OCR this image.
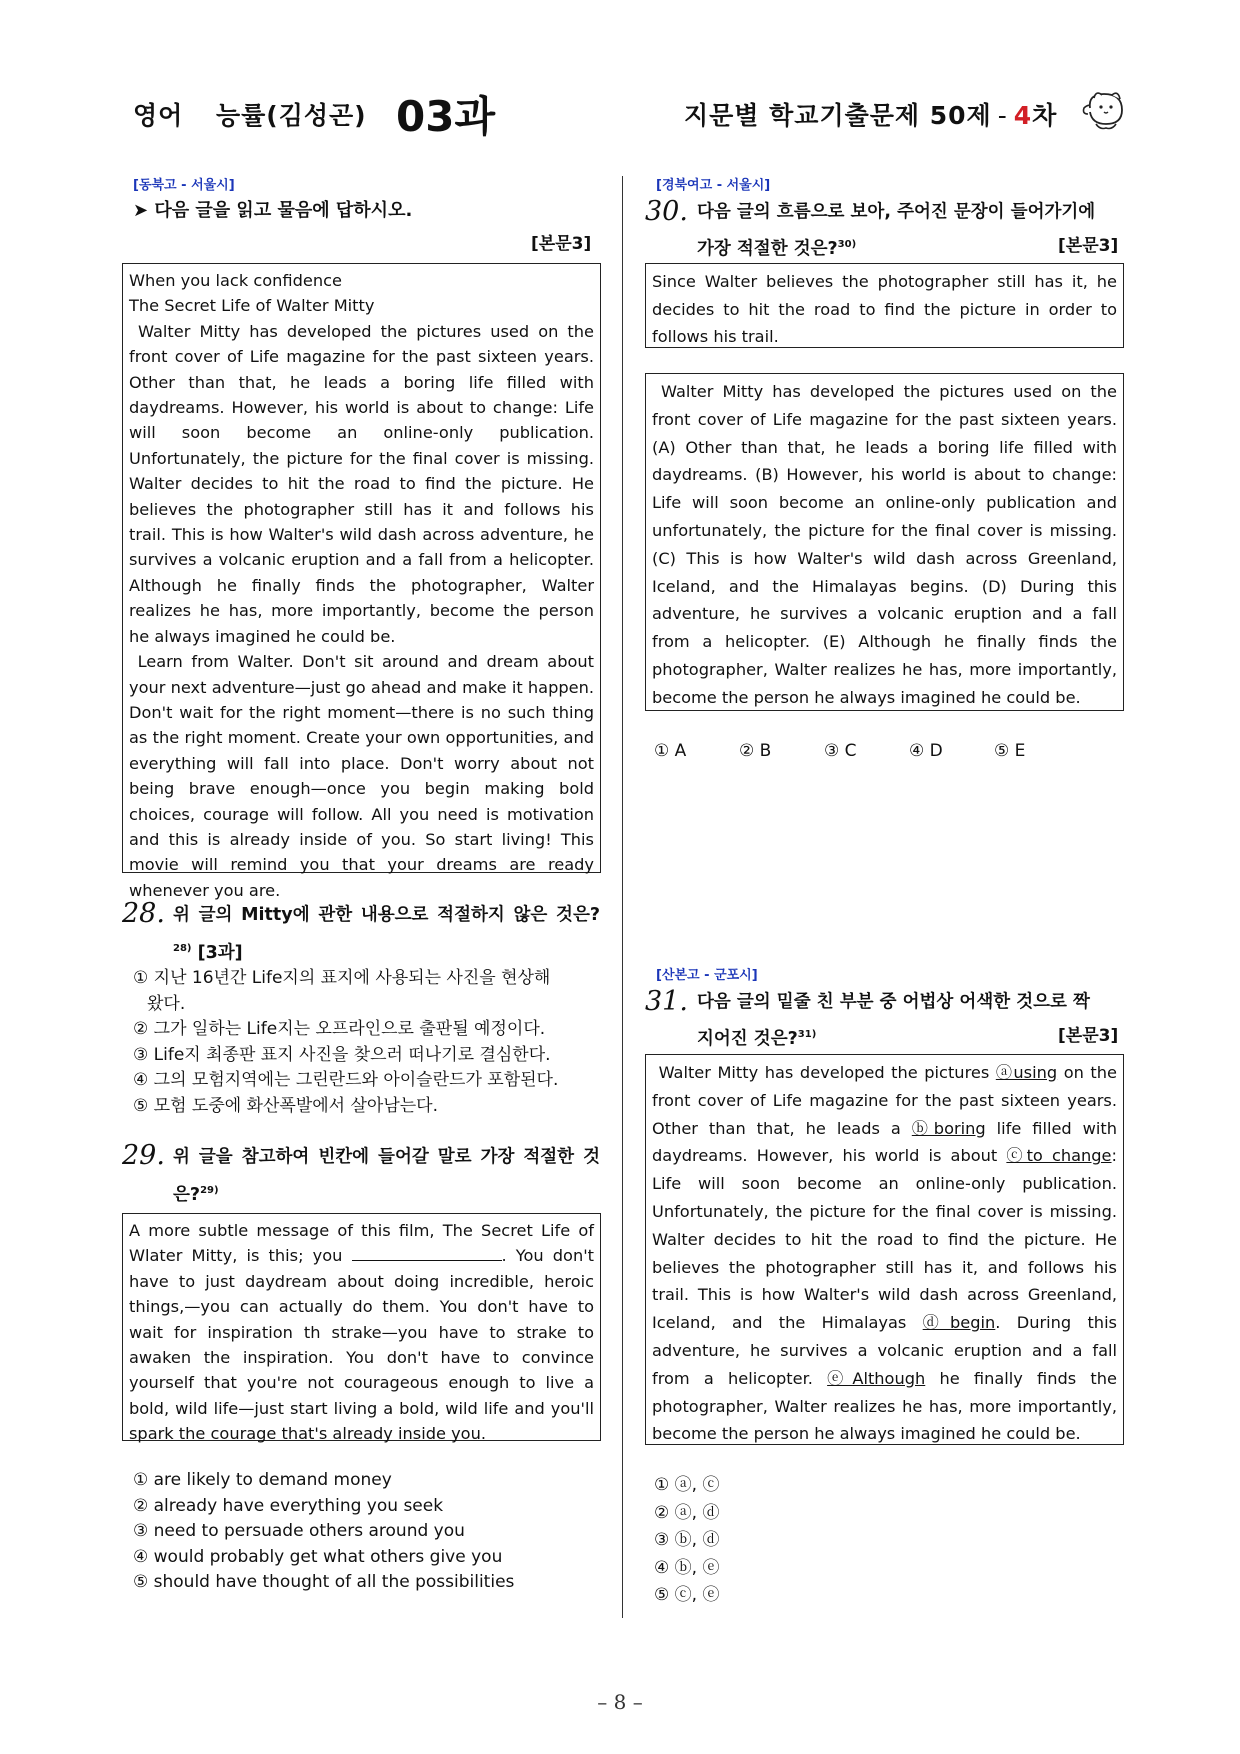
영어 능률(김성곤) 03과	지문별 학교기출문제 50제 - 4차
[동북고 - 서울시]
➤ 다음 글을 읽고 물음에 답하시오.
[본문3]

When you lack confidence

The Secret Life of Walter Mitty

Walter Mitty has developed the pictures used on the front cover of Life magazine for the past sixteen years. Other than that, he leads a boring life filled with daydreams. However, his world is about to change: Life will soon become an online-only publication. Unfortunately, the picture for the final cover is missing. Walter decides to hit the road to find the picture. He believes the photographer still has it and follows his trail. This is how Walter's wild dash across adventure, he survives a volcanic eruption and a fall from a helicopter. Although he finally finds the photographer, Walter realizes he has, more importantly, become the person he always imagined he could be.

Learn from Walter. Don't sit around and dream about your next adventure—just go ahead and make it happen. Don't wait for the right moment—there is no such thing as the right moment. Create your own opportunities, and everything will fall into place. Don't worry about not being brave enough—once you begin making bold choices, courage will follow. All you need is motivation and this is already inside of you. So start living! This movie will remind you that your dreams are ready whenever you are.

28. 위 글의 Mitty에 관한 내용으로 적절하지 않은 것은?$^{28)}$ [3과]
① 지난 16년간 Life지의 표지에 사용되는 사진을 현상해
왔다.
② 그가 일하는 Life지는 오프라인으로 출판될 예정이다.
③ Life지 최종판 표지 사진을 찾으러 떠나기로 결심한다.
④ 그의 모험지역에는 그린란드와 아이슬란드가 포함된다.
⑤ 모험 도중에 화산폭발에서 살아남는다.
29. 위 글을 참고하여 빈칸에 들어갈 말로 가장 적절한 것은?$^{29)}$

A more subtle message of this film, The Secret Life of Wlater Mitty, is this; you	. You don't have to just daydream about doing incredible, heroic things,—you can actually do them. You don't have to wait for inspiration th strake—you have to strake to awaken the inspiration. You don't have to convince yourself that you're not courageous enough to live a bold, wild life—just start living a bold, wild life and you'll spark the courage that's already inside you.

① are likely to demand money
② already have everything you seek
③ need to persuade others around you
④ would probably get what others give you
⑤ should have thought of all the possibilities
[경북여고 - 서울시]
30. 다음 글의 흐름으로 보아, 주어진 문장이 들어가기에
가장 적절한 것은?$^{30)}$	[본문3]

Since Walter believes the photographer still has it, he decides to hit the road to find the picture in order to follows his trail.

Walter Mitty has developed the pictures used on the front cover of Life magazine for the past sixteen years. (A) Other than that, he leads a boring life filled with daydreams. (B) However, his world is about to change: Life will soon become an online-only publication and unfortunately, the picture for the final cover is missing. (C) This is how Walter's wild dash across Greenland, Iceland, and the Himalayas begins. (D) During this adventure, he survives a volcanic eruption and a fall from a helicopter. (E) Although he finally finds the photographer, Walter realizes he has, more importantly, become the person he always imagined he could be.

① A	② B	③ C	④ D	⑤ E
[산본고 - 군포시]
31. 다음 글의 밑줄 친 부분 중 어법상 어색한 것으로 짝
지어진 것은?$^{31)}$	[본문3]

Walter Mitty has developed the pictures ⓐusing on the front cover of Life magazine for the past sixteen years. Other than that, he leads a ⓑboring life filled with daydreams. However, his world is about ⓒto change: Life will soon become an online-only publication. Unfortunately, the picture for the final cover is missing. Walter decides to hit the road to find the picture. He believes the photographer still has it, and follows his trail. This is how Walter's wild dash across Greenland, Iceland, and the Himalayas ⓓbegin. During this adventure, he survives a volcanic eruption and a fall from a helicopter. ⓔAlthough he finally finds the photographer, Walter realizes he has, more importantly, become the person he always imagined he could be.

① ⓐ, ⓒ
② ⓐ, ⓓ
③ ⓑ, ⓓ
④ ⓑ, ⓔ
⑤ ⓒ, ⓔ
– 8 –
